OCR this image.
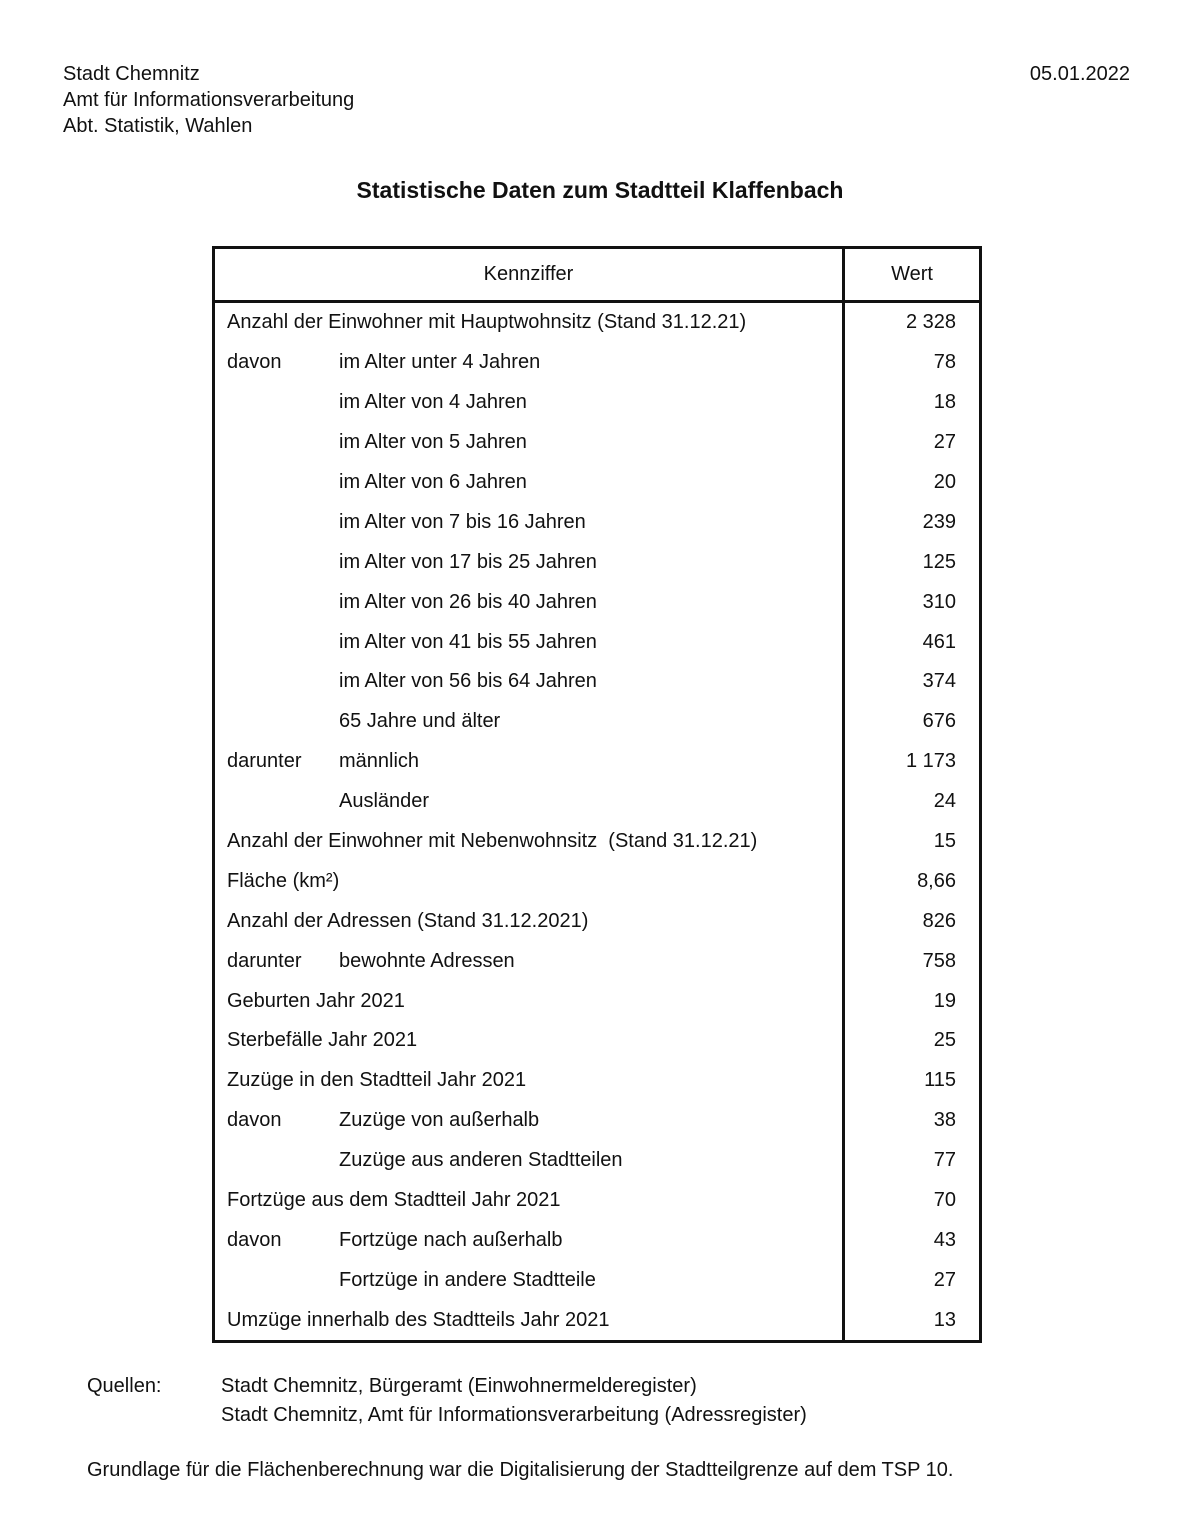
Stadt Chemnitz
Amt für Informationsverarbeitung
Abt. Statistik, Wahlen
05.01.2022
Statistische Daten zum Stadtteil Klaffenbach
Kennziffer	Wert
Anzahl der Einwohner mit Hauptwohnsitz (Stand 31.12.21)	2 328
davon	im Alter unter 4 Jahren	78
im Alter von 4 Jahren	18
im Alter von 5 Jahren	27
im Alter von 6 Jahren	20
im Alter von 7 bis 16 Jahren	239
im Alter von 17 bis 25 Jahren	125
im Alter von 26 bis 40 Jahren	310
im Alter von 41 bis 55 Jahren	461
im Alter von 56 bis 64 Jahren	374
65 Jahre und älter	676
darunter	männlich	1 173
Ausländer	24
Anzahl der Einwohner mit Nebenwohnsitz  (Stand 31.12.21)	15
Fläche (km²)	8,66
Anzahl der Adressen (Stand 31.12.2021)	826
darunter	bewohnte Adressen	758
Geburten Jahr 2021	19
Sterbefälle Jahr 2021	25
Zuzüge in den Stadtteil Jahr 2021	115
davon	Zuzüge von außerhalb	38
Zuzüge aus anderen Stadtteilen	77
Fortzüge aus dem Stadtteil Jahr 2021	70
davon	Fortzüge nach außerhalb	43
Fortzüge in andere Stadtteile	27
Umzüge innerhalb des Stadtteils Jahr 2021	13
Quellen:	Stadt Chemnitz, Bürgeramt (Einwohnermelderegister)
Stadt Chemnitz, Amt für Informationsverarbeitung (Adressregister)
Grundlage für die Flächenberechnung war die Digitalisierung der Stadtteilgrenze auf dem TSP 10.
